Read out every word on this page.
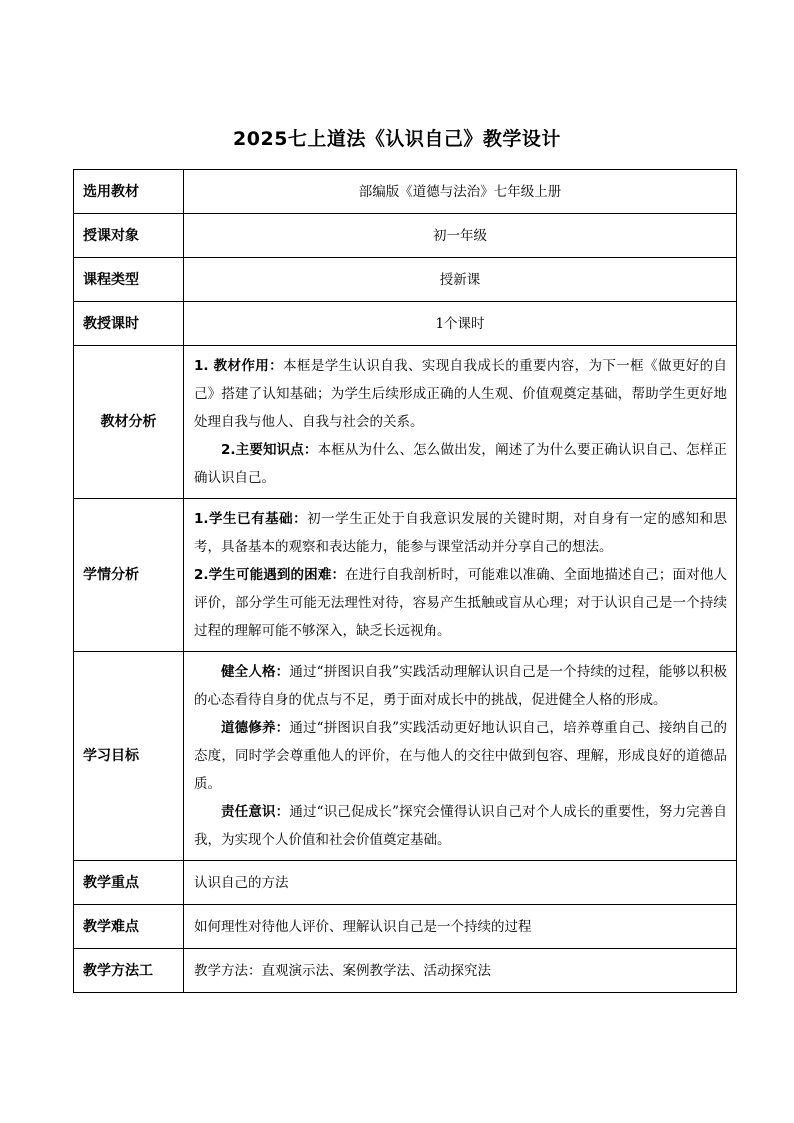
2025七上道法《认识自己》教学设计
选用教材	部编版《道德与法治》七年级上册
授课对象	初一年级
课程类型	授新课
教授课时	1个课时
教材分析	1. 教材作用：本框是学生认识自我、实现自我成长的重要内容，为下一框《做更好的自己》搭建了认知基础；为学生后续形成正确的人生观、价值观奠定基础，帮助学生更好地处理自我与他人、自我与社会的关系。

2.主要知识点：本框从为什么、怎么做出发，阐述了为什么要正确认识自己、怎样正确认识自己。

学情分析	1.学生已有基础：初一学生正处于自我意识发展的关键时期，对自身有一定的感知和思考，具备基本的观察和表达能力，能参与课堂活动并分享自己的想法。

2.学生可能遇到的困难：在进行自我剖析时，可能难以准确、全面地描述自己；面对他人评价，部分学生可能无法理性对待，容易产生抵触或盲从心理；对于认识自己是一个持续过程的理解可能不够深入，缺乏长远视角。

学习目标	健全人格：通过“拼图识自我”实践活动理解认识自己是一个持续的过程，能够以积极的心态看待自身的优点与不足，勇于面对成长中的挑战，促进健全人格的形成。

道德修养：通过“拼图识自我”实践活动更好地认识自己，培养尊重自己、接纳自己的态度，同时学会尊重他人的评价，在与他人的交往中做到包容、理解，形成良好的道德品质。

责任意识：通过“识己促成长”探究会懂得认识自己对个人成长的重要性，努力完善自我，为实现个人价值和社会价值奠定基础。

教学重点	认识自己的方法
教学难点	如何理性对待他人评价、理解认识自己是一个持续的过程
教学方法工	教学方法：直观演示法、案例教学法、活动探究法
